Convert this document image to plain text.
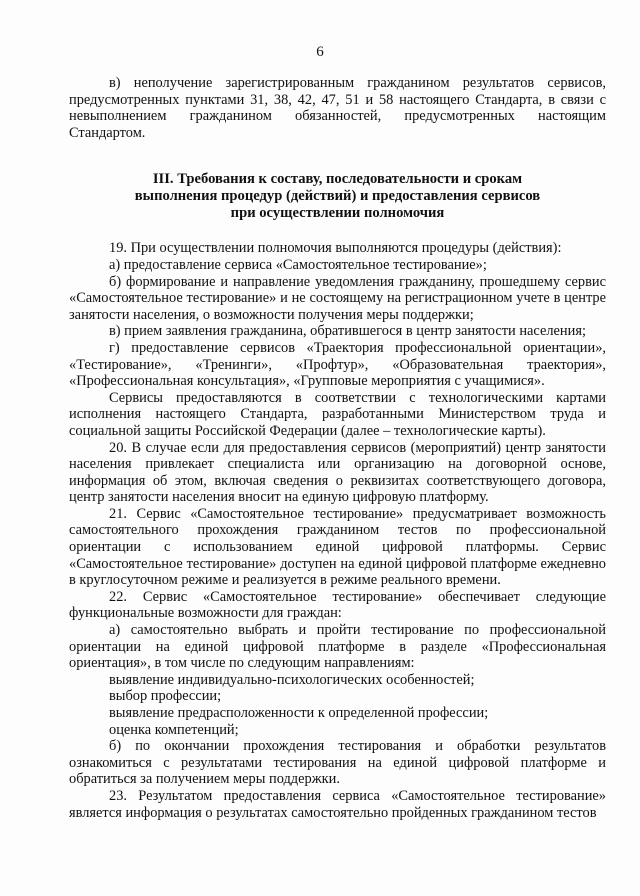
6

в) неполучение зарегистрированным гражданином результатов сервисов, предусмотренных пунктами 31, 38, 42, 47, 51 и 58 настоящего Стандарта, в связи с невыполнением гражданином обязанностей, предусмотренных настоящим Стандартом.

III. Требования к составу, последовательности и срокам

выполнения процедур (действий) и предоставления сервисов

при осуществлении полномочия

19. При осуществлении полномочия выполняются процедуры (действия):

а) предоставление сервиса «Самостоятельное тестирование»;

б) формирование и направление уведомления гражданину, прошедшему сервис «Самостоятельное тестирование» и не состоящему на регистрационном учете в центре занятости населения, о возможности получения меры поддержки;

в) прием заявления гражданина, обратившегося в центр занятости населения;

г) предоставление сервисов «Траектория профессиональной ориентации», «Тестирование», «Тренинги», «Профтур», «Образовательная траектория», «Профессиональная консультация», «Групповые мероприятия с учащимися».

Сервисы предоставляются в соответствии с технологическими картами исполнения настоящего Стандарта, разработанными Министерством труда и социальной защиты Российской Федерации (далее – технологические карты).

20. В случае если для предоставления сервисов (мероприятий) центр занятости населения привлекает специалиста или организацию на договорной основе, информация об этом, включая сведения о реквизитах соответствующего договора, центр занятости населения вносит на единую цифровую платформу.

21. Сервис «Самостоятельное тестирование» предусматривает возможность самостоятельного прохождения гражданином тестов по профессиональной ориентации с использованием единой цифровой платформы. Сервис «Самостоятельное тестирование» доступен на единой цифровой платформе ежедневно в круглосуточном режиме и реализуется в режиме реального времени.

22. Сервис «Самостоятельное тестирование» обеспечивает следующие функциональные возможности для граждан:

а) самостоятельно выбрать и пройти тестирование по профессиональной ориентации на единой цифровой платформе в разделе «Профессиональная ориентация», в том числе по следующим направлениям:

выявление индивидуально-психологических особенностей;

выбор профессии;

выявление предрасположенности к определенной профессии;

оценка компетенций;

б) по окончании прохождения тестирования и обработки результатов ознакомиться с результатами тестирования на единой цифровой платформе и обратиться за получением меры поддержки.

23. Результатом предоставления сервиса «Самостоятельное тестирование» является информация о результатах самостоятельно пройденных гражданином тестов
